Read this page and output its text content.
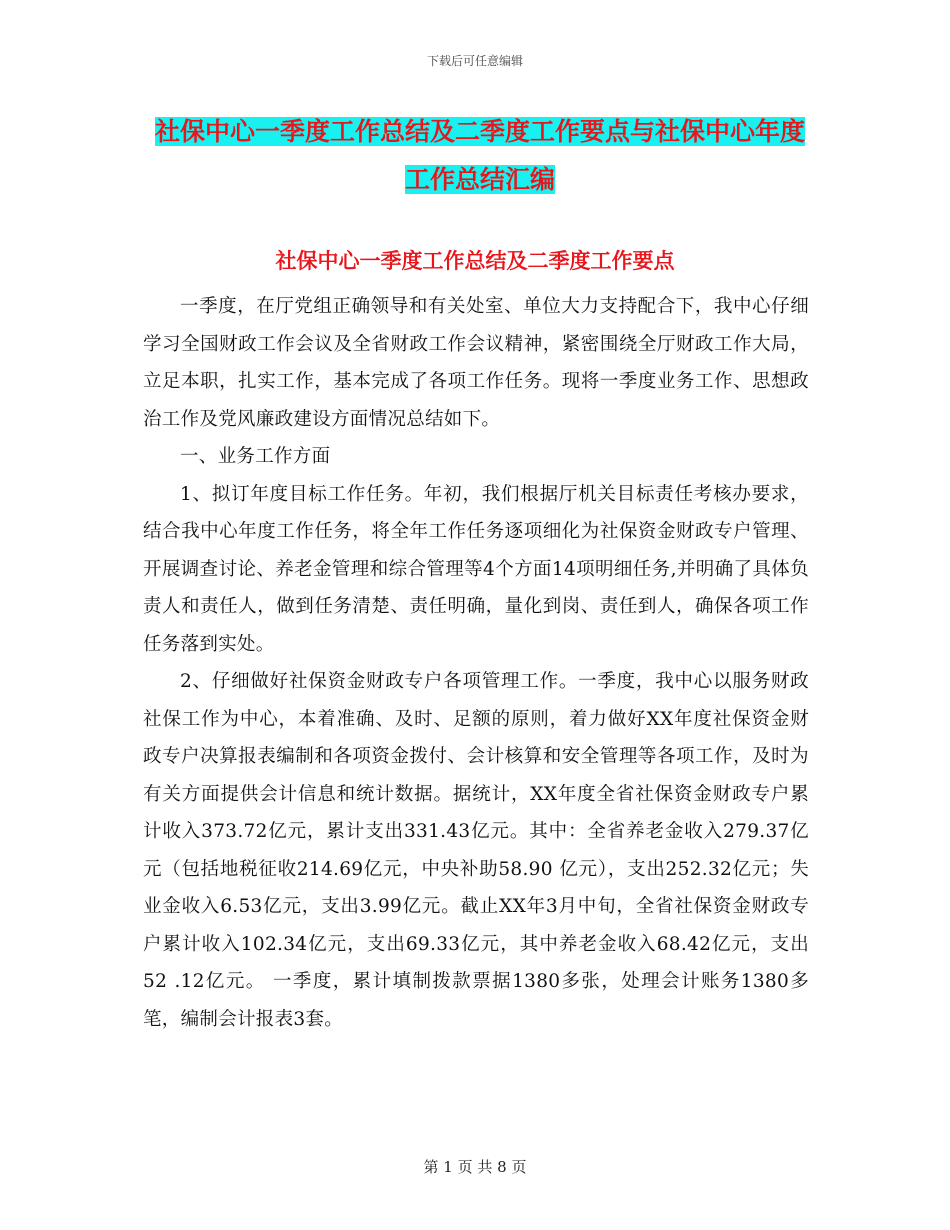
下载后可任意编辑
社保中心一季度工作总结及二季度工作要点与社保中心年度工作总结汇编
社保中心一季度工作总结及二季度工作要点

一季度，在厅党组正确领导和有关处室、单位大力支持配合下，我中心仔细学习全国财政工作会议及全省财政工作会议精神，紧密围绕全厅财政工作大局，立足本职，扎实工作，基本完成了各项工作任务。现将一季度业务工作、思想政治工作及党风廉政建设方面情况总结如下。

一、业务工作方面

1、拟订年度目标工作任务。年初，我们根据厅机关目标责任考核办要求，结合我中心年度工作任务，将全年工作任务逐项细化为社保资金财政专户管理、开展调查讨论、养老金管理和综合管理等4个方面14项明细任务,并明确了具体负责人和责任人，做到任务清楚、责任明确，量化到岗、责任到人，确保各项工作任务落到实处。

2、仔细做好社保资金财政专户各项管理工作。一季度，我中心以服务财政社保工作为中心，本着准确、及时、足额的原则，着力做好XX年度社保资金财政专户决算报表编制和各项资金拨付、会计核算和安全管理等各项工作，及时为有关方面提供会计信息和统计数据。据统计，XX年度全省社保资金财政专户累计收入373.72亿元，累计支出331.43亿元。其中：全省养老金收入279.37亿元（包括地税征收214.69亿元，中央补助58.90 亿元），支出252.32亿元；失业金收入6.53亿元，支出3.99亿元。截止XX年3月中旬，全省社保资金财政专户累计收入102.34亿元，支出69.33亿元，其中养老金收入68.42亿元，支出52 .12亿元。 一季度，累计填制拨款票据1380多张，处理会计账务1380多笔，编制会计报表3套。

第 1 页 共 8 页
